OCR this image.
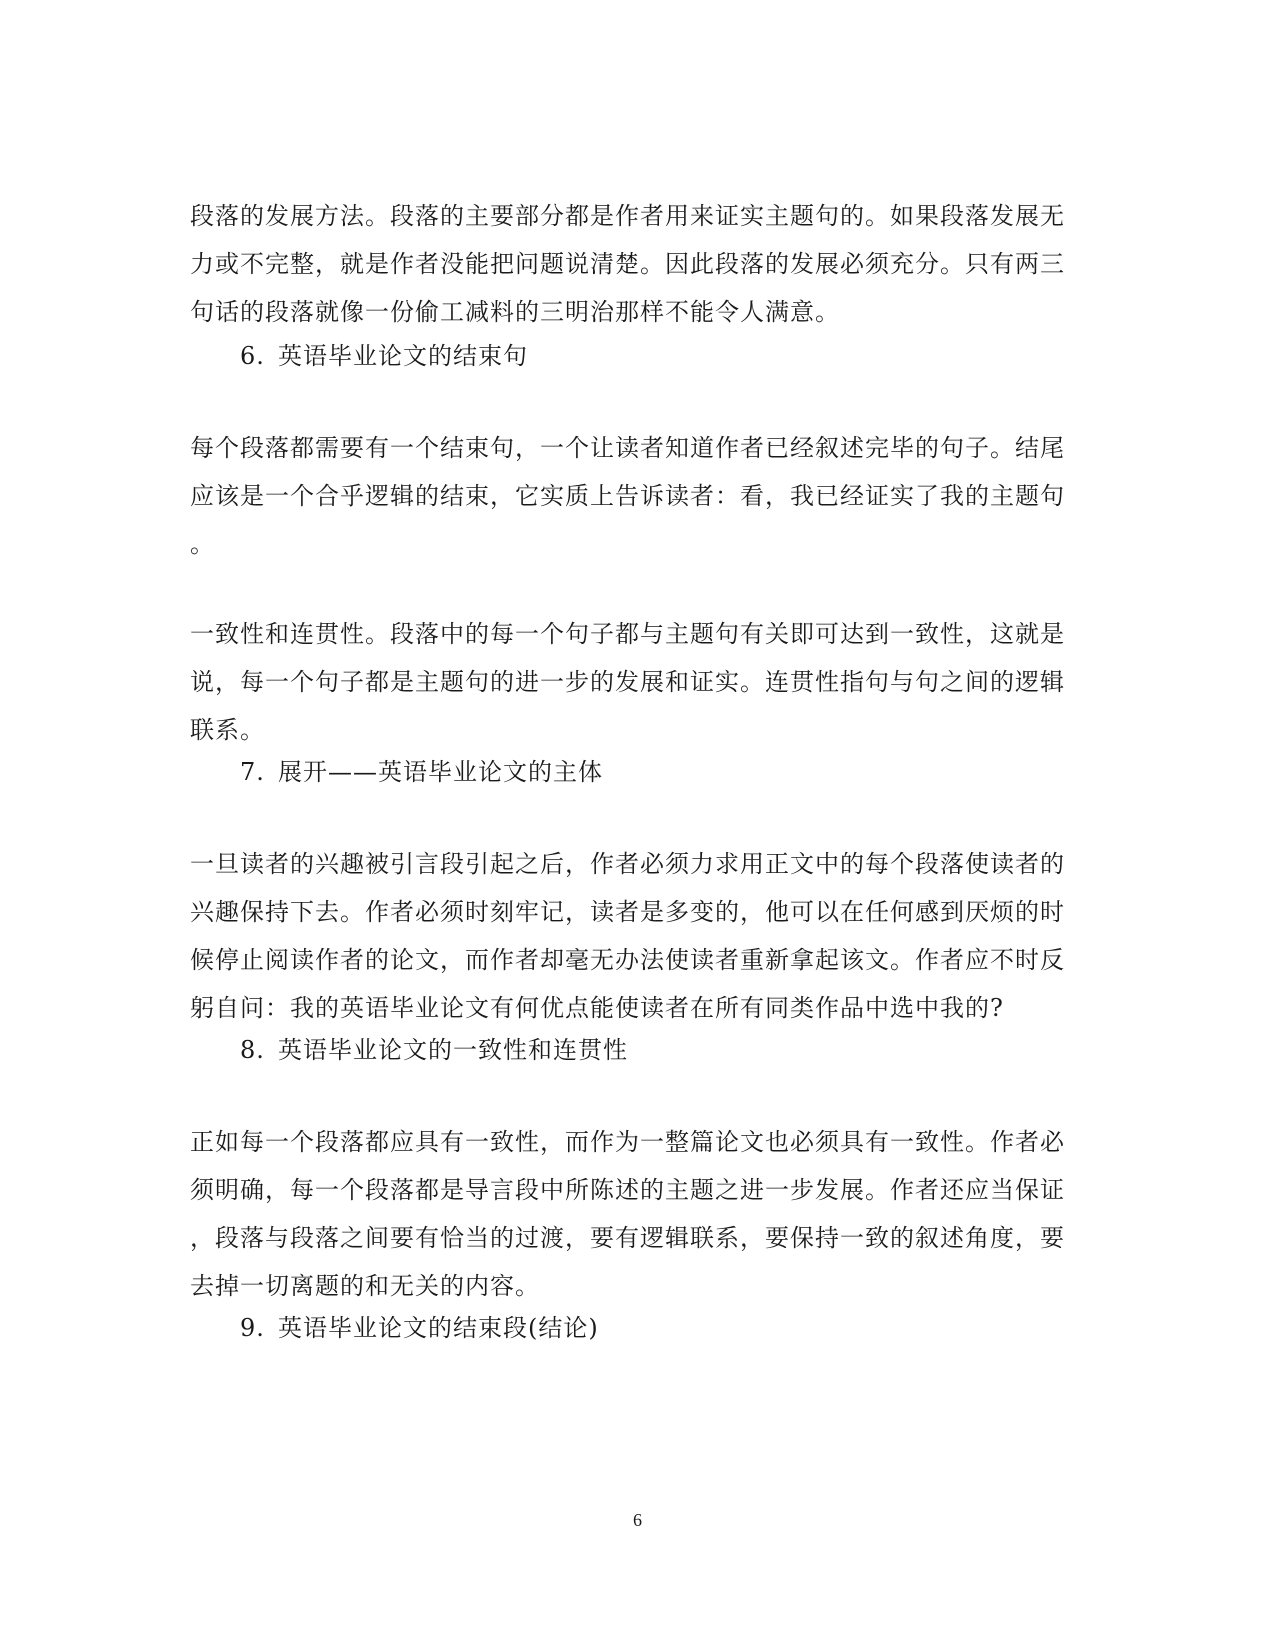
段落的发展方法。段落的主要部分都是作者用来证实主题句的。如果段落发展无
力或不完整，就是作者没能把问题说清楚。因此段落的发展必须充分。只有两三
句话的段落就像一份偷工减料的三明治那样不能令人满意。
6. 英语毕业论文的结束句
每个段落都需要有一个结束句，一个让读者知道作者已经叙述完毕的句子。结尾
应该是一个合乎逻辑的结束，它实质上告诉读者：看，我已经证实了我的主题句
。
一致性和连贯性。段落中的每一个句子都与主题句有关即可达到一致性，这就是
说，每一个句子都是主题句的进一步的发展和证实。连贯性指句与句之间的逻辑
联系。
7. 展开——英语毕业论文的主体
一旦读者的兴趣被引言段引起之后，作者必须力求用正文中的每个段落使读者的
兴趣保持下去。作者必须时刻牢记，读者是多变的，他可以在任何感到厌烦的时
候停止阅读作者的论文，而作者却毫无办法使读者重新拿起该文。作者应不时反
躬自问：我的英语毕业论文有何优点能使读者在所有同类作品中选中我的?
8. 英语毕业论文的一致性和连贯性
正如每一个段落都应具有一致性，而作为一整篇论文也必须具有一致性。作者必
须明确，每一个段落都是导言段中所陈述的主题之进一步发展。作者还应当保证
，段落与段落之间要有恰当的过渡，要有逻辑联系，要保持一致的叙述角度，要
去掉一切离题的和无关的内容。
9. 英语毕业论文的结束段(结论)
6
